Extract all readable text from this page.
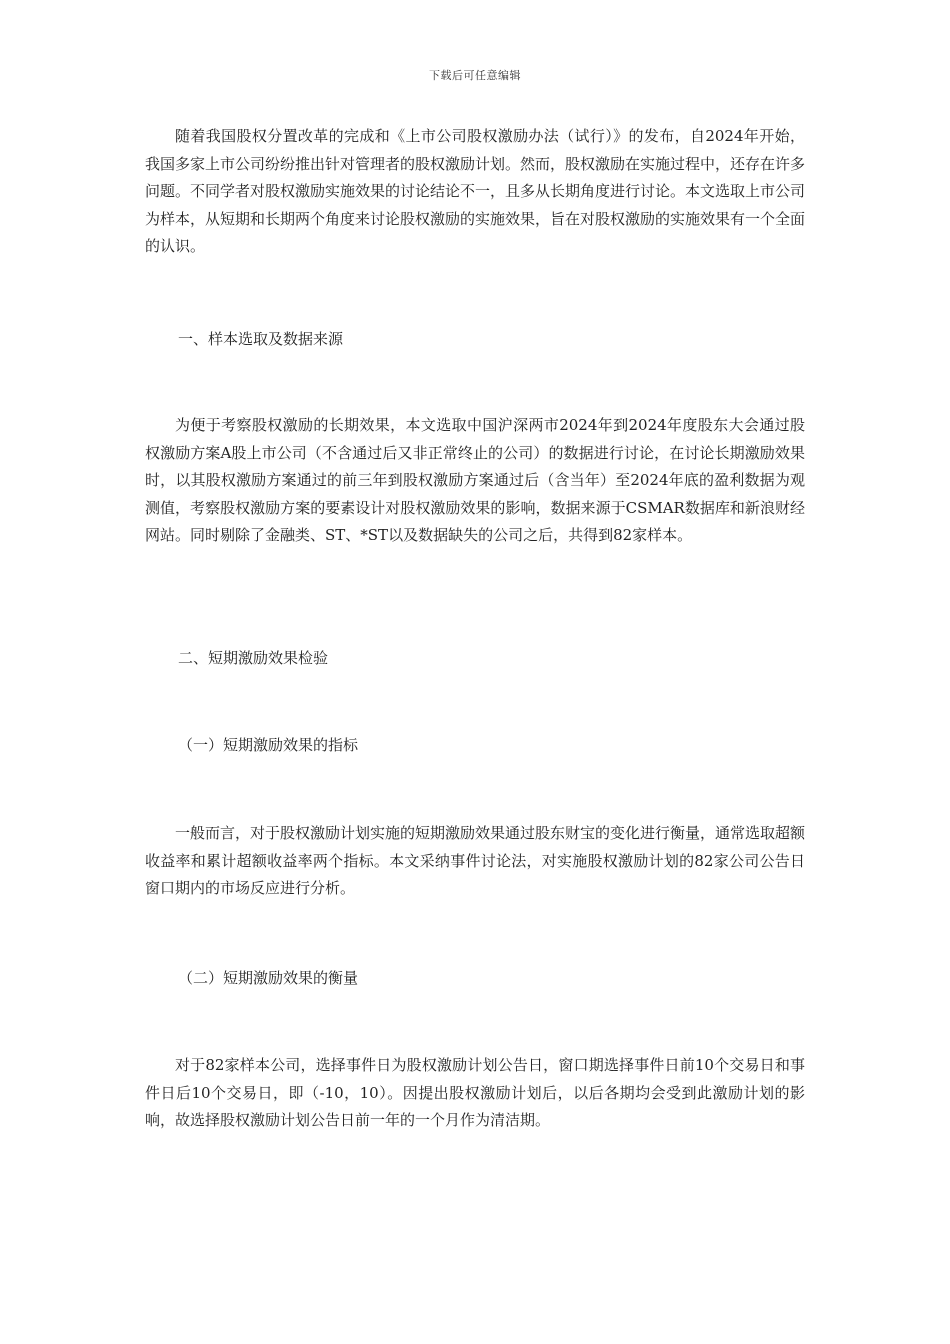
下载后可任意编辑

随着我国股权分置改革的完成和《上市公司股权激励办法（试行）》的发布，自2024年开始，我国多家上市公司纷纷推出针对管理者的股权激励计划。然而，股权激励在实施过程中，还存在许多问题。不同学者对股权激励实施效果的讨论结论不一，且多从长期角度进行讨论。本文选取上市公司为样本，从短期和长期两个角度来讨论股权激励的实施效果，旨在对股权激励的实施效果有一个全面的认识。

一、样本选取及数据来源

为便于考察股权激励的长期效果，本文选取中国沪深两市2024年到2024年度股东大会通过股权激励方案A股上市公司（不含通过后又非正常终止的公司）的数据进行讨论，在讨论长期激励效果时，以其股权激励方案通过的前三年到股权激励方案通过后（含当年）至2024年底的盈利数据为观测值，考察股权激励方案的要素设计对股权激励效果的影响，数据来源于CSMAR数据库和新浪财经网站。同时剔除了金融类、ST、*ST以及数据缺失的公司之后，共得到82家样本。

二、短期激励效果检验

（一）短期激励效果的指标

一般而言，对于股权激励计划实施的短期激励效果通过股东财宝的变化进行衡量，通常选取超额收益率和累计超额收益率两个指标。本文采纳事件讨论法，对实施股权激励计划的82家公司公告日窗口期内的市场反应进行分析。

（二）短期激励效果的衡量

对于82家样本公司，选择事件日为股权激励计划公告日，窗口期选择事件日前10个交易日和事件日后10个交易日，即（-10，10）。因提出股权激励计划后，以后各期均会受到此激励计划的影响，故选择股权激励计划公告日前一年的一个月作为清洁期。
